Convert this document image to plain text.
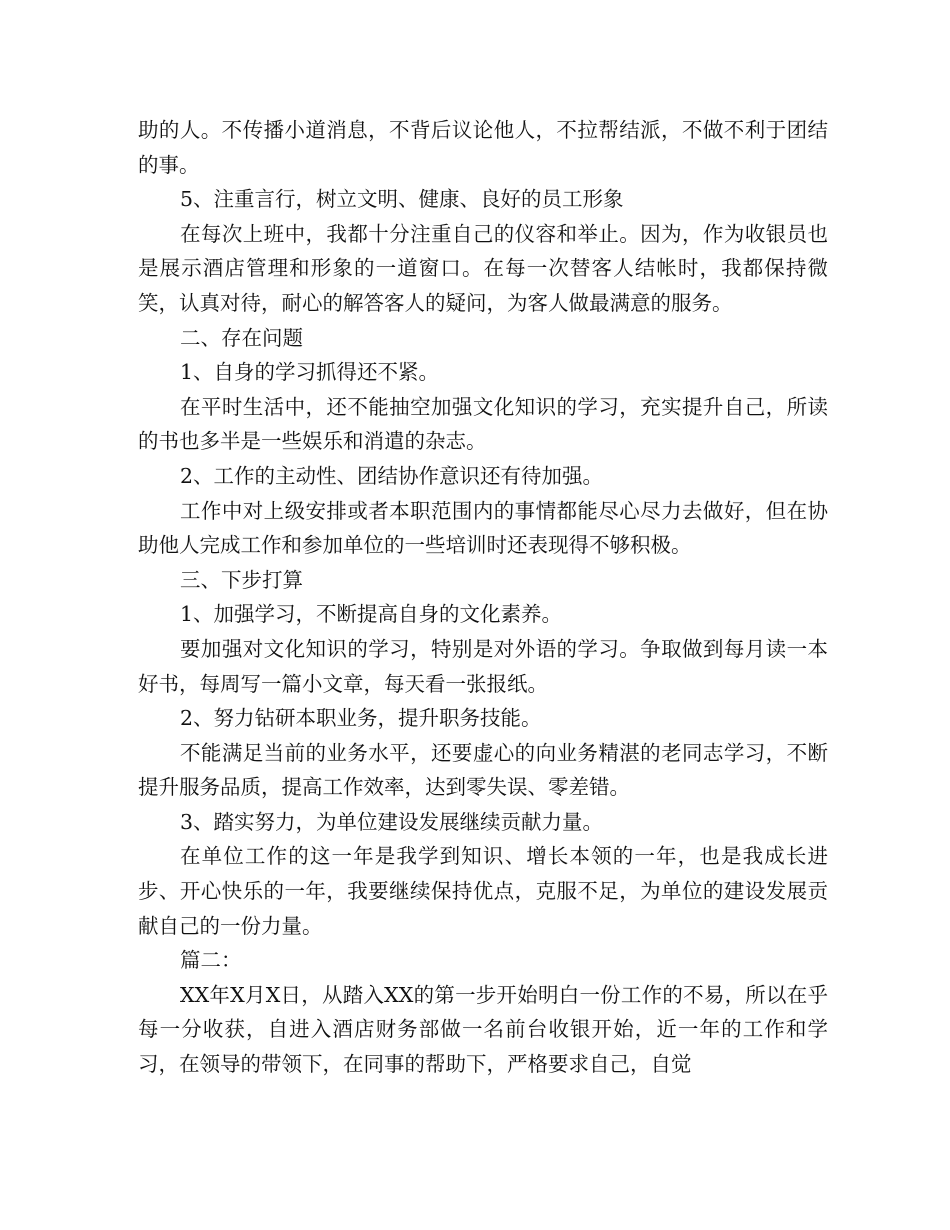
助的人。不传播小道消息，不背后议论他人，不拉帮结派，不做不利于团结的事。

5、注重言行，树立文明、健康、良好的员工形象

在每次上班中，我都十分注重自己的仪容和举止。因为，作为收银员也是展示酒店管理和形象的一道窗口。在每一次替客人结帐时，我都保持微笑，认真对待，耐心的解答客人的疑问，为客人做最满意的服务。

二、存在问题

1、自身的学习抓得还不紧。

在平时生活中，还不能抽空加强文化知识的学习，充实提升自己，所读的书也多半是一些娱乐和消遣的杂志。

2、工作的主动性、团结协作意识还有待加强。

工作中对上级安排或者本职范围内的事情都能尽心尽力去做好，但在协助他人完成工作和参加单位的一些培训时还表现得不够积极。

三、下步打算

1、加强学习，不断提高自身的文化素养。

要加强对文化知识的学习，特别是对外语的学习。争取做到每月读一本好书，每周写一篇小文章，每天看一张报纸。

2、努力钻研本职业务，提升职务技能。

不能满足当前的业务水平，还要虚心的向业务精湛的老同志学习，不断提升服务品质，提高工作效率，达到零失误、零差错。

3、踏实努力，为单位建设发展继续贡献力量。

在单位工作的这一年是我学到知识、增长本领的一年，也是我成长进步、开心快乐的一年，我要继续保持优点，克服不足，为单位的建设发展贡献自己的一份力量。

篇二：

XX年X月X日，从踏入XX的第一步开始明白一份工作的不易，所以在乎每一分收获，自进入酒店财务部做一名前台收银开始，近一年的工作和学习，在领导的带领下，在同事的帮助下，严格要求自己，自觉
